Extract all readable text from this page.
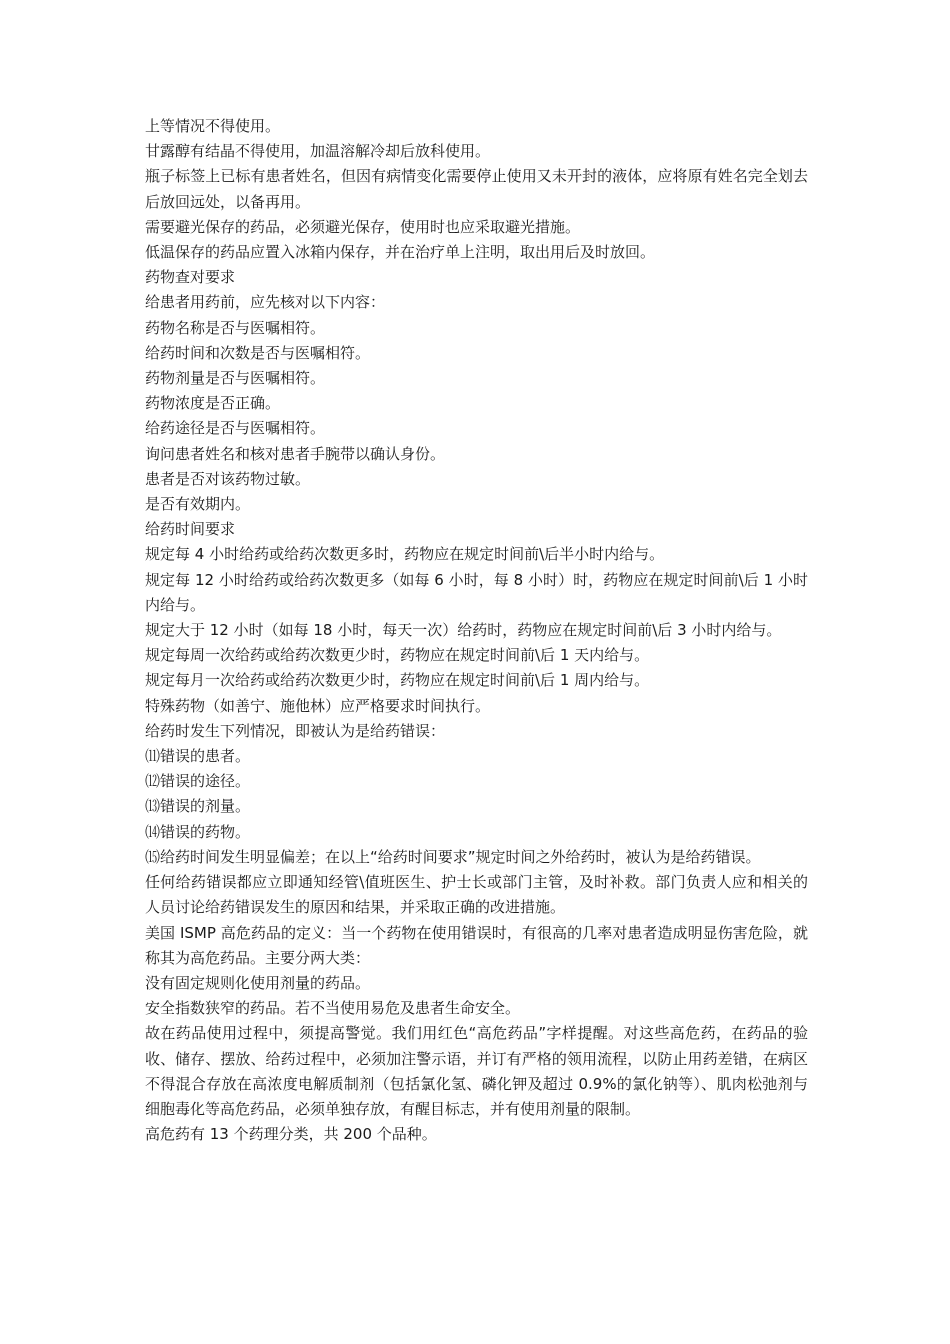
上等情况不得使用。

甘露醇有结晶不得使用，加温溶解冷却后放科使用。

瓶子标签上已标有患者姓名，但因有病情变化需要停止使用又未开封的液体，应将原有姓名完全划去后放回远处，以备再用。

需要避光保存的药品，必须避光保存，使用时也应采取避光措施。

低温保存的药品应置入冰箱内保存，并在治疗单上注明，取出用后及时放回。

药物查对要求

给患者用药前，应先核对以下内容：

药物名称是否与医嘱相符。

给药时间和次数是否与医嘱相符。

药物剂量是否与医嘱相符。

药物浓度是否正确。

给药途径是否与医嘱相符。

询问患者姓名和核对患者手腕带以确认身份。

患者是否对该药物过敏。

是否有效期内。

给药时间要求

规定每 4 小时给药或给药次数更多时，药物应在规定时间前\后半小时内给与。

规定每 12 小时给药或给药次数更多（如每 6 小时，每 8 小时）时，药物应在规定时间前\后 1 小时内给与。

规定大于 12 小时（如每 18 小时，每天一次）给药时，药物应在规定时间前\后 3 小时内给与。

规定每周一次给药或给药次数更少时，药物应在规定时间前\后 1 天内给与。

规定每月一次给药或给药次数更少时，药物应在规定时间前\后 1 周内给与。

特殊药物（如善宁、施他林）应严格要求时间执行。

给药时发生下列情况，即被认为是给药错误：

⑾错误的患者。

⑿错误的途径。

⒀错误的剂量。

⒁错误的药物。

⒂给药时间发生明显偏差；在以上“给药时间要求”规定时间之外给药时，被认为是给药错误。

任何给药错误都应立即通知经管\值班医生、护士长或部门主管，及时补救。部门负责人应和相关的人员讨论给药错误发生的原因和结果，并采取正确的改进措施。

美国 ISMP 高危药品的定义：当一个药物在使用错误时，有很高的几率对患者造成明显伤害危险，就称其为高危药品。主要分两大类：

没有固定规则化使用剂量的药品。

安全指数狭窄的药品。若不当使用易危及患者生命安全。

故在药品使用过程中，须提高警觉。我们用红色“高危药品”字样提醒。对这些高危药，在药品的验收、储存、摆放、给药过程中，必须加注警示语，并订有严格的领用流程，以防止用药差错，在病区不得混合存放在高浓度电解质制剂（包括氯化氢、磷化钾及超过 0.9%的氯化钠等）、肌肉松弛剂与细胞毒化等高危药品，必须单独存放，有醒目标志，并有使用剂量的限制。

高危药有 13 个药理分类，共 200 个品种。
